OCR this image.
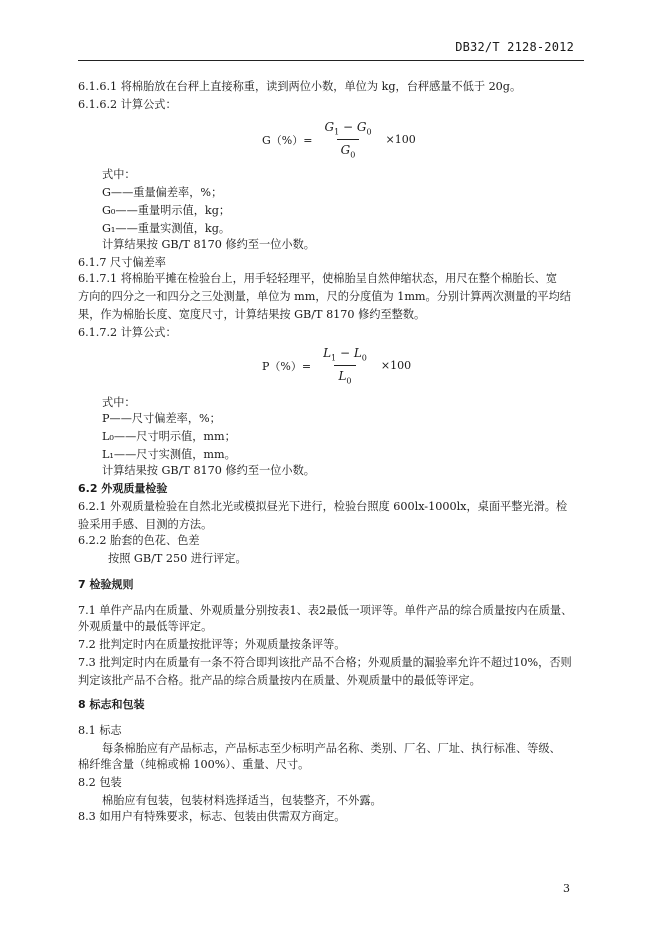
DB32/T 2128-2012
6.1.6.1 将棉胎放在台秤上直接称重，读到两位小数，单位为 kg，台秤感量不低于 20g。
6.1.6.2 计算公式：
$G(\%)= \frac{G_1 - G_0}{G_0} \times 100$
式中：
G——重量偏差率，%；
G₀——重量明示值，kg；
G₁——重量实测值，kg。
计算结果按 GB/T 8170 修约至一位小数。
6.1.7 尺寸偏差率
6.1.7.1 将棉胎平摊在检验台上，用手轻轻理平，使棉胎呈自然伸缩状态，用尺在整个棉胎长、宽
方向的四分之一和四分之三处测量，单位为 mm，尺的分度值为 1mm。分别计算两次测量的平均结
果，作为棉胎长度、宽度尺寸，计算结果按 GB/T 8170 修约至整数。
6.1.7.2 计算公式：
$P(\%)= \frac{L_1 - L_0}{L_0} \times 100$
式中：
P——尺寸偏差率，%；
L₀——尺寸明示值，mm；
L₁——尺寸实测值，mm。
计算结果按 GB/T 8170 修约至一位小数。
6.2 外观质量检验
6.2.1 外观质量检验在自然北光或模拟昼光下进行，检验台照度 600lx-1000lx，桌面平整光滑。检
验采用手感、目测的方法。
6.2.2 胎套的色花、色差
按照 GB/T 250 进行评定。
7 检验规则
7.1 单件产品内在质量、外观质量分别按表1、表2最低一项评等。单件产品的综合质量按内在质量、
外观质量中的最低等评定。
7.2 批判定时内在质量按批评等；外观质量按条评等。
7.3 批判定时内在质量有一条不符合即判该批产品不合格；外观质量的漏验率允许不超过10%，否则
判定该批产品不合格。批产品的综合质量按内在质量、外观质量中的最低等评定。
8 标志和包装
8.1 标志
每条棉胎应有产品标志，产品标志至少标明产品名称、类别、厂名、厂址、执行标准、等级、
棉纤维含量（纯棉或棉 100%）、重量、尺寸。
8.2 包装
棉胎应有包装，包装材料选择适当，包装整齐，不外露。
8.3 如用户有特殊要求，标志、包装由供需双方商定。
3
